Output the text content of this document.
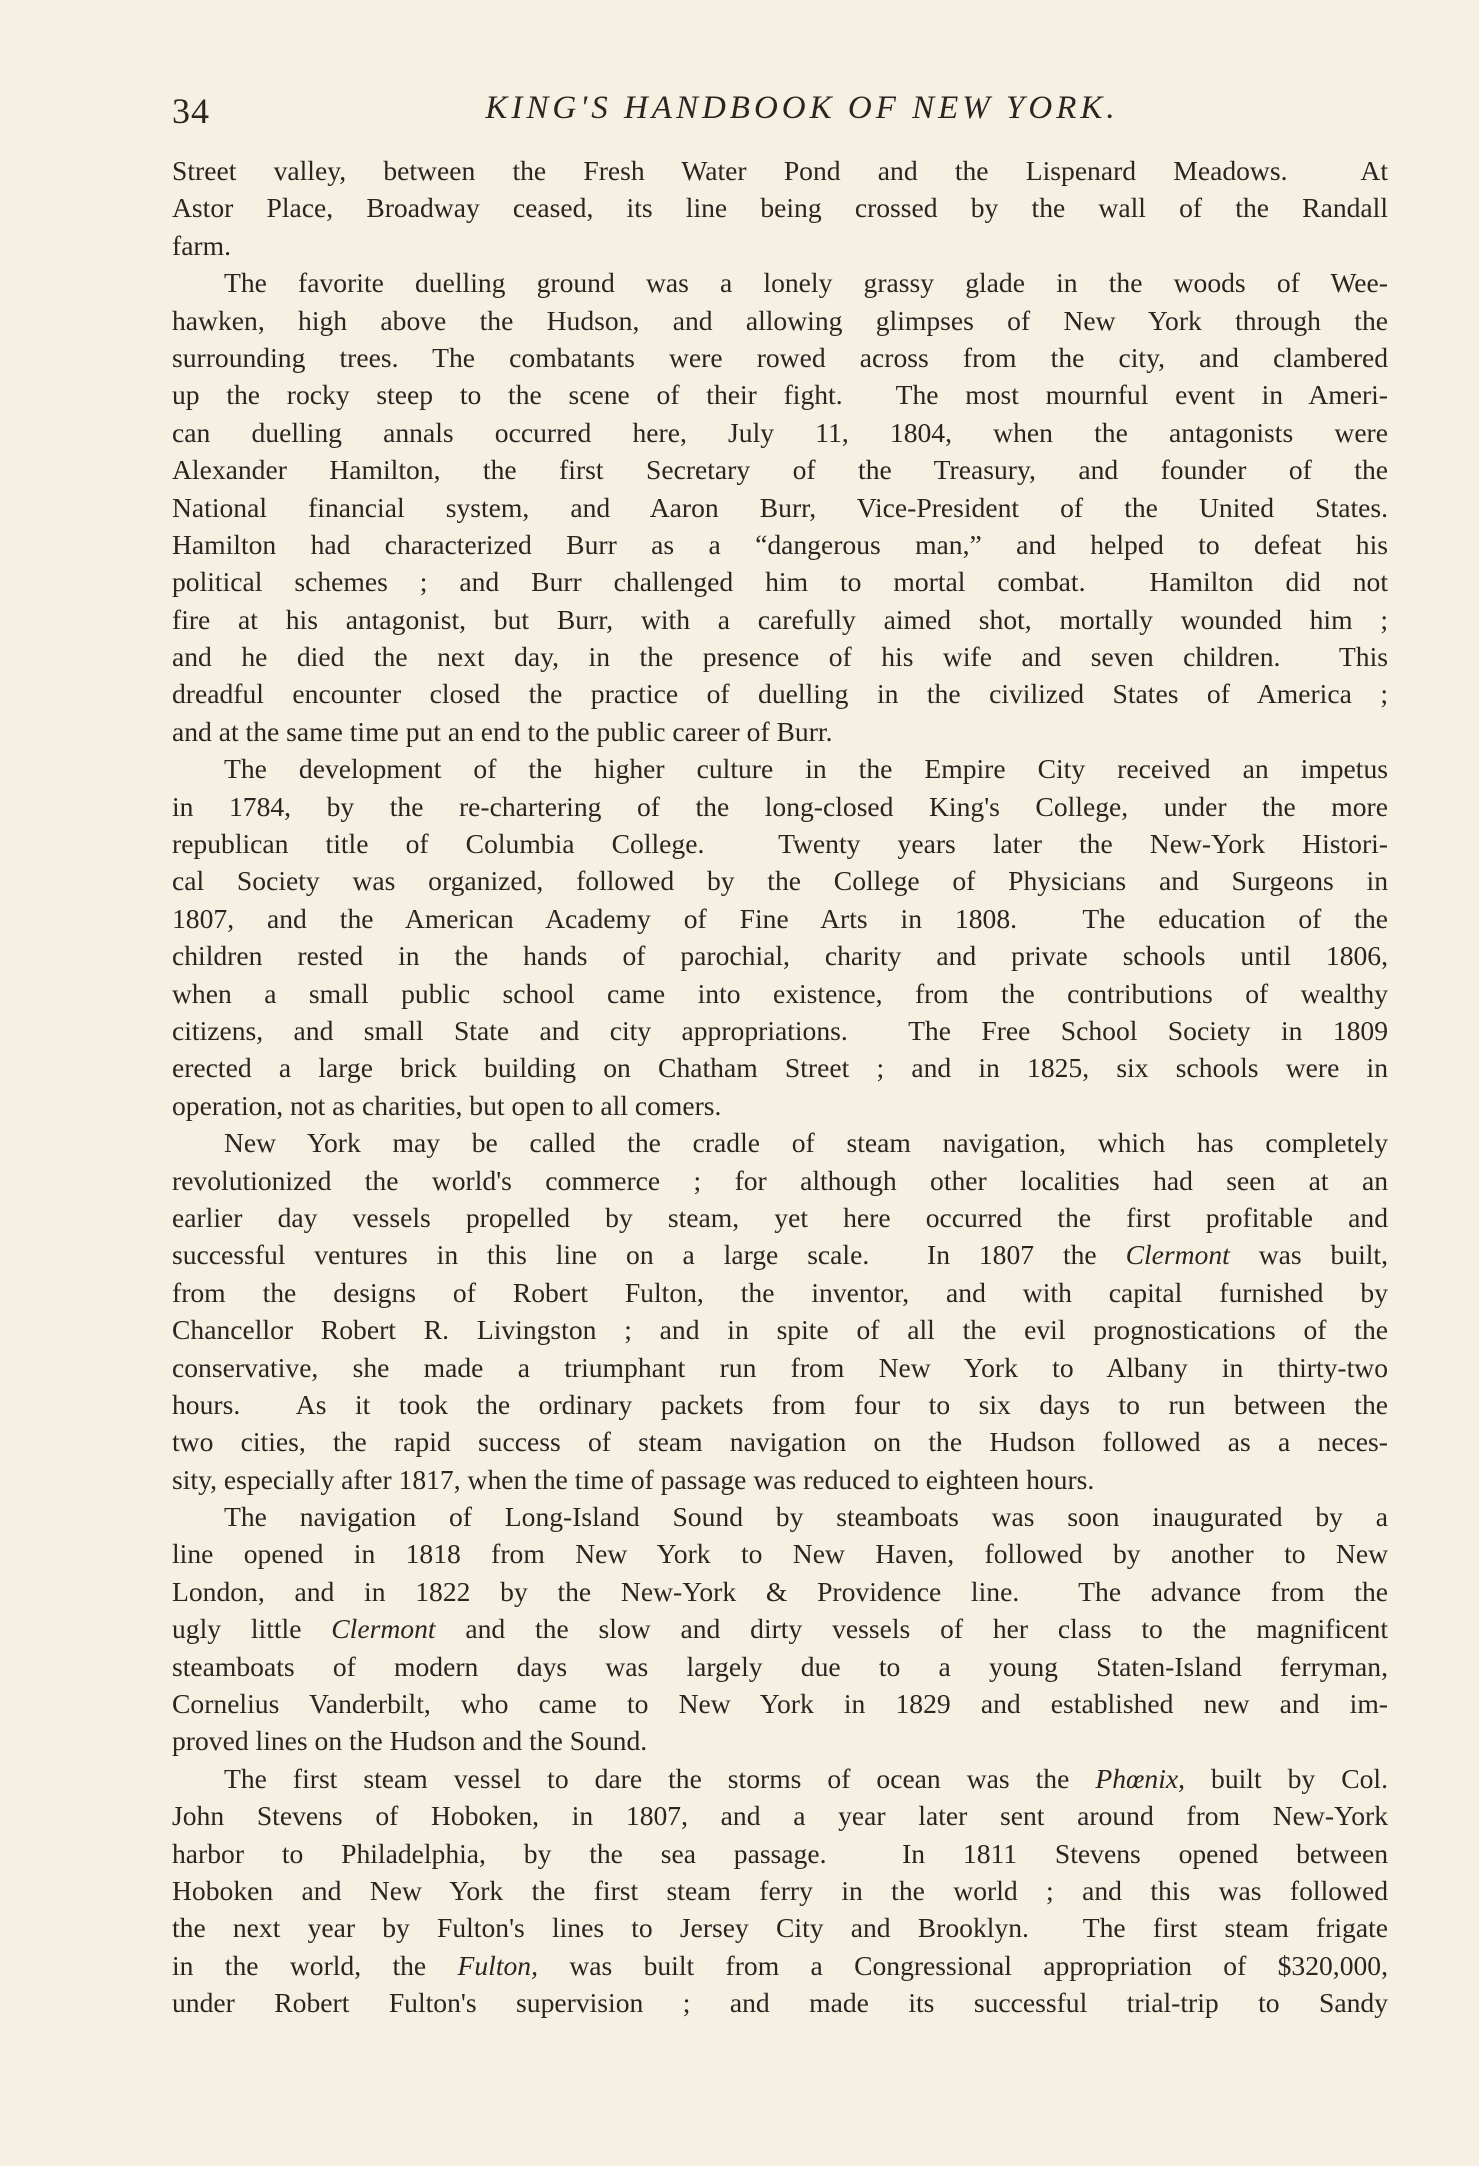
34	KING'S HANDBOOK OF NEW YORK.
Street valley, between the Fresh Water Pond and the Lispenard Meadows.  At
Astor Place, Broadway ceased, its line being crossed by the wall of the Randall
farm.
The favorite duelling ground was a lonely grassy glade in the woods of Wee-
hawken, high above the Hudson, and allowing glimpses of New York through the
surrounding trees. The combatants were rowed across from the city, and clambered
up the rocky steep to the scene of their fight.  The most mournful event in Ameri-
can duelling annals occurred here, July 11, 1804, when the antagonists were
Alexander Hamilton, the first Secretary of the Treasury, and founder of the
National financial system, and Aaron Burr, Vice-President of the United States.
Hamilton had characterized Burr as a “dangerous man,” and helped to defeat his
political schemes ; and Burr challenged him to mortal combat.  Hamilton did not
fire at his antagonist, but Burr, with a carefully aimed shot, mortally wounded him ;
and he died the next day, in the presence of his wife and seven children.  This
dreadful encounter closed the practice of duelling in the civilized States of America ;
and at the same time put an end to the public career of Burr.
The development of the higher culture in the Empire City received an impetus
in 1784, by the re-chartering of the long-closed King's College, under the more
republican title of Columbia College.  Twenty years later the New-York Histori-
cal Society was organized, followed by the College of Physicians and Surgeons in
1807, and the American Academy of Fine Arts in 1808.  The education of the
children rested in the hands of parochial, charity and private schools until 1806,
when a small public school came into existence, from the contributions of wealthy
citizens, and small State and city appropriations.  The Free School Society in 1809
erected a large brick building on Chatham Street ; and in 1825, six schools were in
operation, not as charities, but open to all comers.
New York may be called the cradle of steam navigation, which has completely
revolutionized the world's commerce ; for although other localities had seen at an
earlier day vessels propelled by steam, yet here occurred the first profitable and
successful ventures in this line on a large scale.  In 1807 the Clermont was built,
from the designs of Robert Fulton, the inventor, and with capital furnished by
Chancellor Robert R. Livingston ; and in spite of all the evil prognostications of the
conservative, she made a triumphant run from New York to Albany in thirty-two
hours.  As it took the ordinary packets from four to six days to run between the
two cities, the rapid success of steam navigation on the Hudson followed as a neces-
sity, especially after 1817, when the time of passage was reduced to eighteen hours.
The navigation of Long-Island Sound by steamboats was soon inaugurated by a
line opened in 1818 from New York to New Haven, followed by another to New
London, and in 1822 by the New-York & Providence line.  The advance from the
ugly little Clermont and the slow and dirty vessels of her class to the magnificent
steamboats of modern days was largely due to a young Staten-Island ferryman,
Cornelius Vanderbilt, who came to New York in 1829 and established new and im-
proved lines on the Hudson and the Sound.
The first steam vessel to dare the storms of ocean was the Phœnix, built by Col.
John Stevens of Hoboken, in 1807, and a year later sent around from New-York
harbor to Philadelphia, by the sea passage.  In 1811 Stevens opened between
Hoboken and New York the first steam ferry in the world ; and this was followed
the next year by Fulton's lines to Jersey City and Brooklyn.  The first steam frigate
in the world, the Fulton, was built from a Congressional appropriation of $320,000,
under Robert Fulton's supervision ; and made its successful trial-trip to Sandy
